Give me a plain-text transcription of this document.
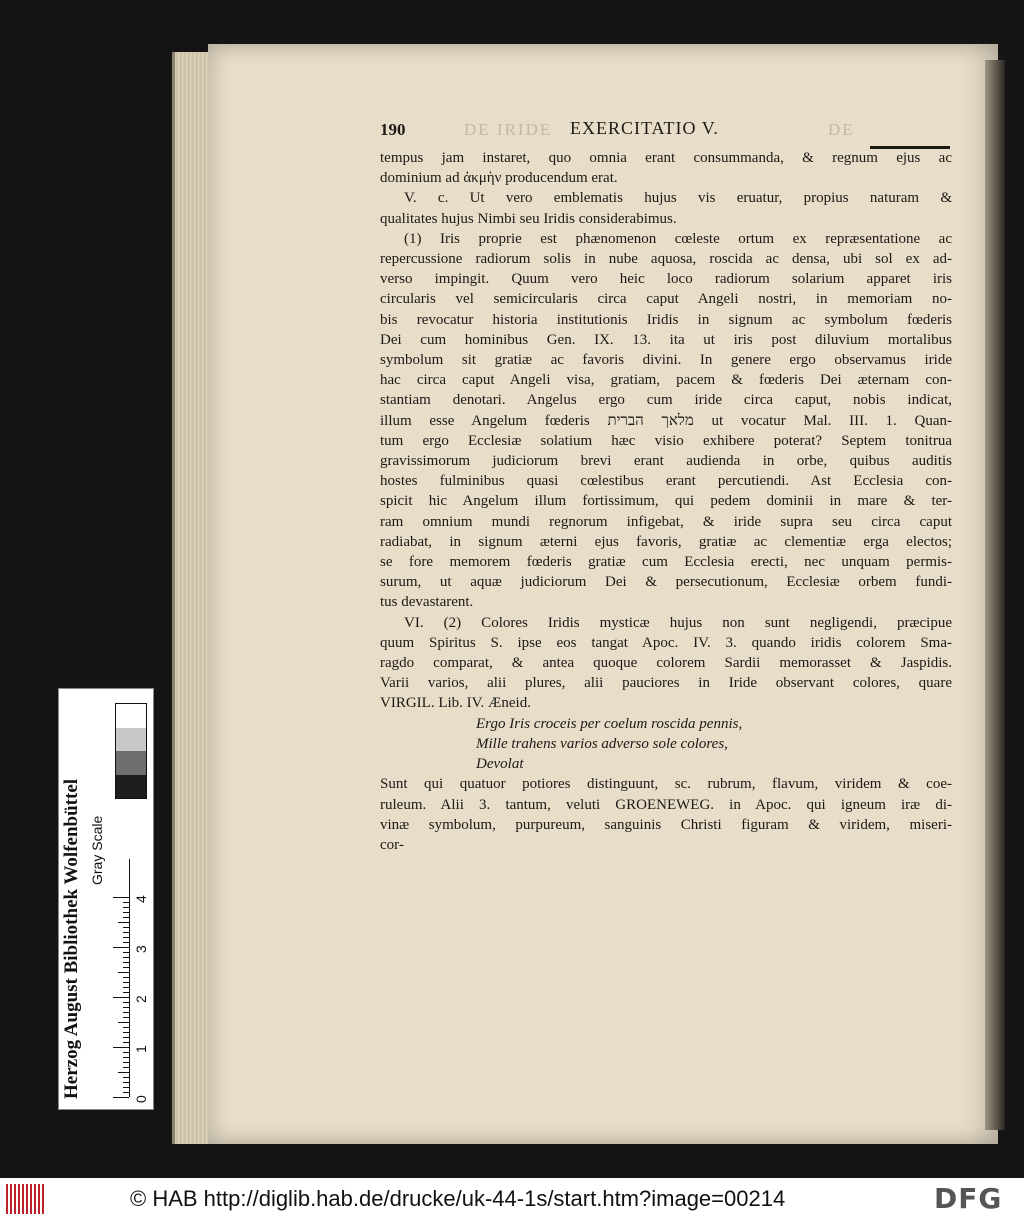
190	DE IRIDE EXERCITATIO V.	DE
tempus jam instaret, quo omnia erant consummanda, & regnum ejus ac
dominium ad ἀκμὴν producendum erat.
V. c. Ut vero emblematis hujus vis eruatur, propius naturam &
qualitates hujus Nimbi seu Iridis considerabimus.
(1) Iris proprie est phænomenon cœleste ortum ex repræsentatione ac
repercussione radiorum solis in nube aquosa, roscida ac densa, ubi sol ex ad-
verso impingit. Quum vero heic loco radiorum solarium apparet iris
circularis vel semicircularis circa caput Angeli nostri, in memoriam no-
bis revocatur historia institutionis Iridis in signum ac symbolum fœderis
Dei cum hominibus Gen. IX. 13. ita ut iris post diluvium mortalibus
symbolum sit gratiæ ac favoris divini. In genere ergo observamus iride
hac circa caput Angeli visa, gratiam, pacem & fœderis Dei æternam con-
stantiam denotari. Angelus ergo cum iride circa caput, nobis indicat,
illum esse Angelum fœderis מלאך הברית ut vocatur Mal. III. 1. Quan-
tum ergo Ecclesiæ solatium hæc visio exhibere poterat? Septem tonitrua
gravissimorum judiciorum brevi erant audienda in orbe, quibus auditis
hostes fulminibus quasi cœlestibus erant percutiendi. Ast Ecclesia con-
spicit hic Angelum illum fortissimum, qui pedem dominii in mare & ter-
ram omnium mundi regnorum infigebat, & iride supra seu circa caput
radiabat, in signum æterni ejus favoris, gratiæ ac clementiæ erga electos;
se fore memorem fœderis gratiæ cum Ecclesia erecti, nec unquam permis-
surum, ut aquæ judiciorum Dei & persecutionum, Ecclesiæ orbem fundi-
tus devastarent.
VI. (2) Colores Iridis mysticæ hujus non sunt negligendi, præcipue
quum Spiritus S. ipse eos tangat Apoc. IV. 3. quando iridis colorem Sma-
ragdo comparat, & antea quoque colorem Sardii memorasset & Jaspidis.
Varii varios, alii plures, alii pauciores in Iride observant colores, quare
VIRGIL. Lib. IV. Æneid.
Ergo Iris croceis per coelum roscida pennis,
Mille trahens varios adverso sole colores,
Devolat
Sunt qui quatuor potiores distinguunt, sc. rubrum, flavum, viridem & coe-
ruleum. Alii 3. tantum, veluti GROENEWEG. in Apoc. qui igneum iræ di-
vinæ symbolum, purpureum, sanguinis Christi figuram & viridem, miseri-
cor-
Herzog August Bibliothek Wolfenbüttel Gray Scale
0
1
2
3
4
© HAB http://diglib.hab.de/drucke/uk-44-1s/start.htm?image=00214	DFG
